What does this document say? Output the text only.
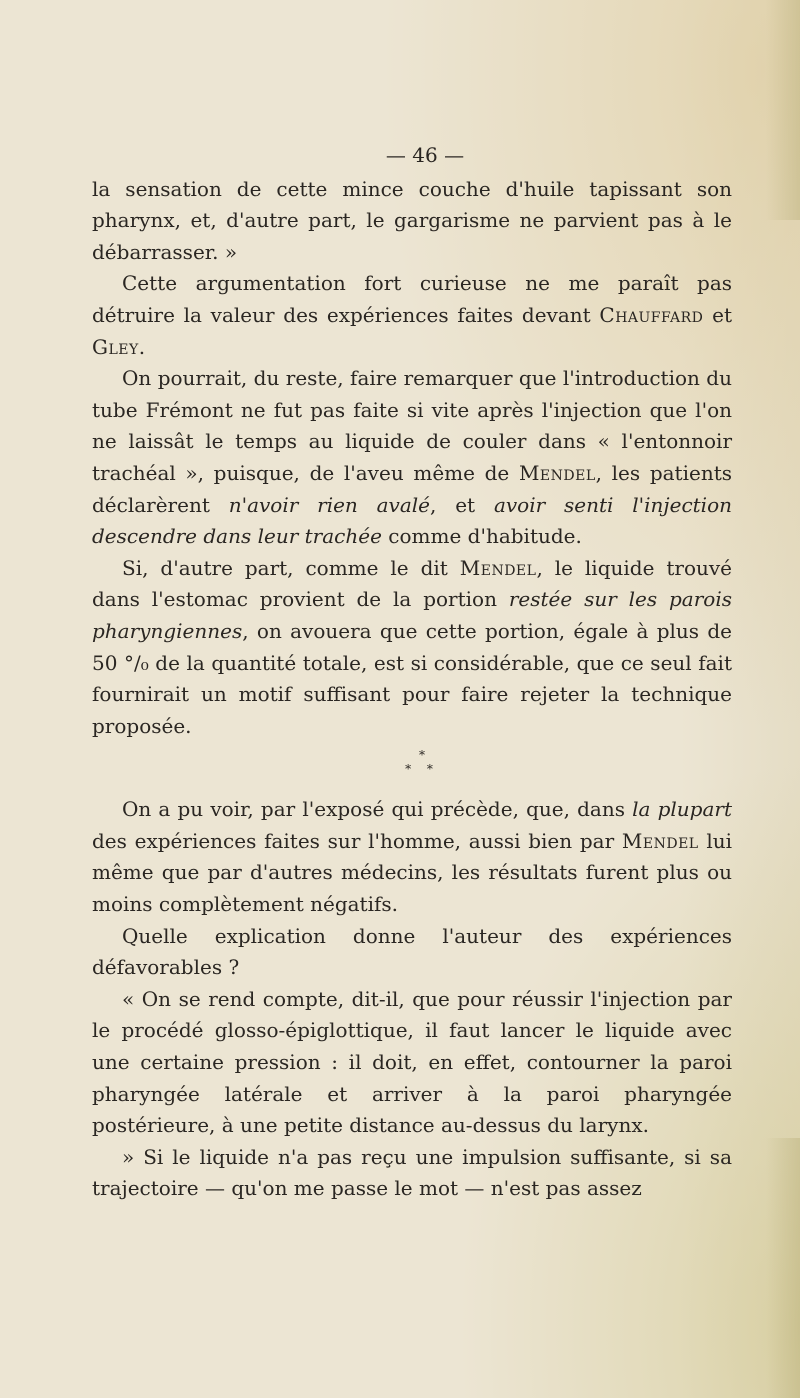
— 46 —

la sensation de cette mince couche d'huile tapissant son pharynx, et, d'autre part, le gargarisme ne parvient pas à le débarrasser. »

Cette argumentation fort curieuse ne me paraît pas détruire la valeur des expériences faites devant Chauffard et Gley.

On pourrait, du reste, faire remarquer que l'introduction du tube Frémont ne fut pas faite si vite après l'injection que l'on ne laissât le temps au liquide de couler dans « l'entonnoir trachéal », puisque, de l'aveu même de Mendel, les patients déclarèrent n'avoir rien avalé, et avoir senti l'injection descendre dans leur trachée comme d'habitude.

Si, d'autre part, comme le dit Mendel, le liquide trouvé dans l'estomac provient de la portion restée sur les parois pharyngiennes, on avouera que cette portion, égale à plus de 50 °/₀ de la quantité totale, est si considérable, que ce seul fait fournirait un motif suffisant pour faire rejeter la technique proposée.

*
* *

On a pu voir, par l'exposé qui précède, que, dans la plupart des expériences faites sur l'homme, aussi bien par Mendel lui même que par d'autres médecins, les résultats furent plus ou moins complètement négatifs.

Quelle explication donne l'auteur des expériences défavorables ?

« On se rend compte, dit-il, que pour réussir l'injection par le procédé glosso-épiglottique, il faut lancer le liquide avec une certaine pression : il doit, en effet, contourner la paroi pharyngée latérale et arriver à la paroi pharyngée postérieure, à une petite distance au-dessus du larynx.

» Si le liquide n'a pas reçu une impulsion suffisante, si sa trajectoire — qu'on me passe le mot — n'est pas assez
